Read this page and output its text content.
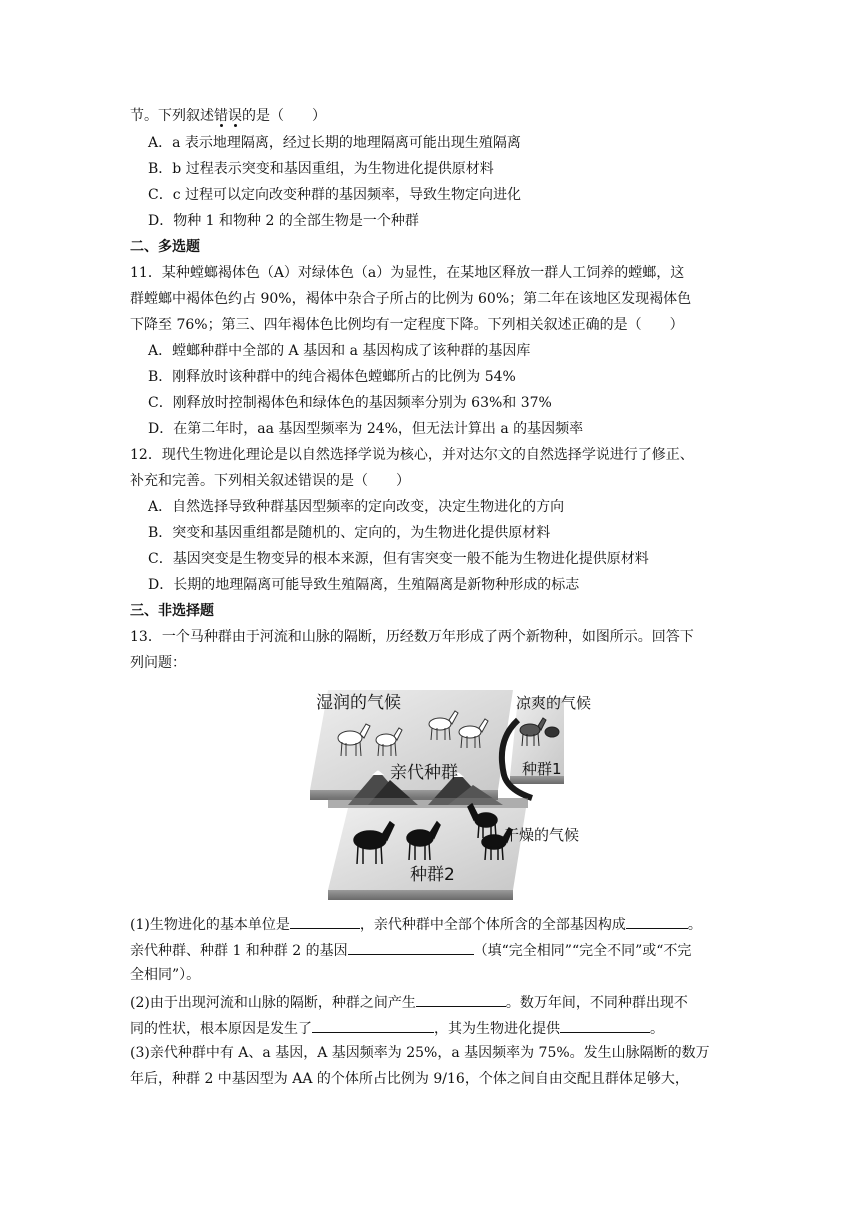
节。下列叙述错误的是（　　）
A．a 表示地理隔离，经过长期的地理隔离可能出现生殖隔离
B．b 过程表示突变和基因重组，为生物进化提供原材料
C．c 过程可以定向改变种群的基因频率，导致生物定向进化
D．物种 1 和物种 2 的全部生物是一个种群
二、多选题
11．某种螳螂褐体色（A）对绿体色（a）为显性，在某地区释放一群人工饲养的螳螂，这
群螳螂中褐体色约占 90%，褐体中杂合子所占的比例为 60%；第二年在该地区发现褐体色
下降至 76%；第三、四年褐体色比例均有一定程度下降。下列相关叙述正确的是（　　）
A．螳螂种群中全部的 A 基因和 a 基因构成了该种群的基因库
B．刚释放时该种群中的纯合褐体色螳螂所占的比例为 54%
C．刚释放时控制褐体色和绿体色的基因频率分别为 63%和 37%
D．在第二年时，aa 基因型频率为 24%，但无法计算出 a 的基因频率
12．现代生物进化理论是以自然选择学说为核心，并对达尔文的自然选择学说进行了修正、
补充和完善。下列相关叙述错误的是（　　）
A．自然选择导致种群基因型频率的定向改变，决定生物进化的方向
B．突变和基因重组都是随机的、定向的，为生物进化提供原材料
C．基因突变是生物变异的根本来源，但有害突变一般不能为生物进化提供原材料
D．长期的地理隔离可能导致生殖隔离，生殖隔离是新物种形成的标志
三、非选择题
13．一个马种群由于河流和山脉的隔断，历经数万年形成了两个新物种，如图所示。回答下
列问题：
湿润的气候	凉爽的气候
亲代种群	种群1
干燥的气候
种群2
(1)生物进化的基本单位是	，亲代种群中全部个体所含的全部基因构成	。
亲代种群、种群 1 和种群 2 的基因	（填“完全相同”“完全不同”或“不完
全相同”）。
(2)由于出现河流和山脉的隔断，种群之间产生	。数万年间，不同种群出现不
同的性状，根本原因是发生了	，其为生物进化提供	。
(3)亲代种群中有 A、a 基因，A 基因频率为 25%，a 基因频率为 75%。发生山脉隔断的数万
年后，种群 2 中基因型为 AA 的个体所占比例为 9/16，个体之间自由交配且群体足够大，
